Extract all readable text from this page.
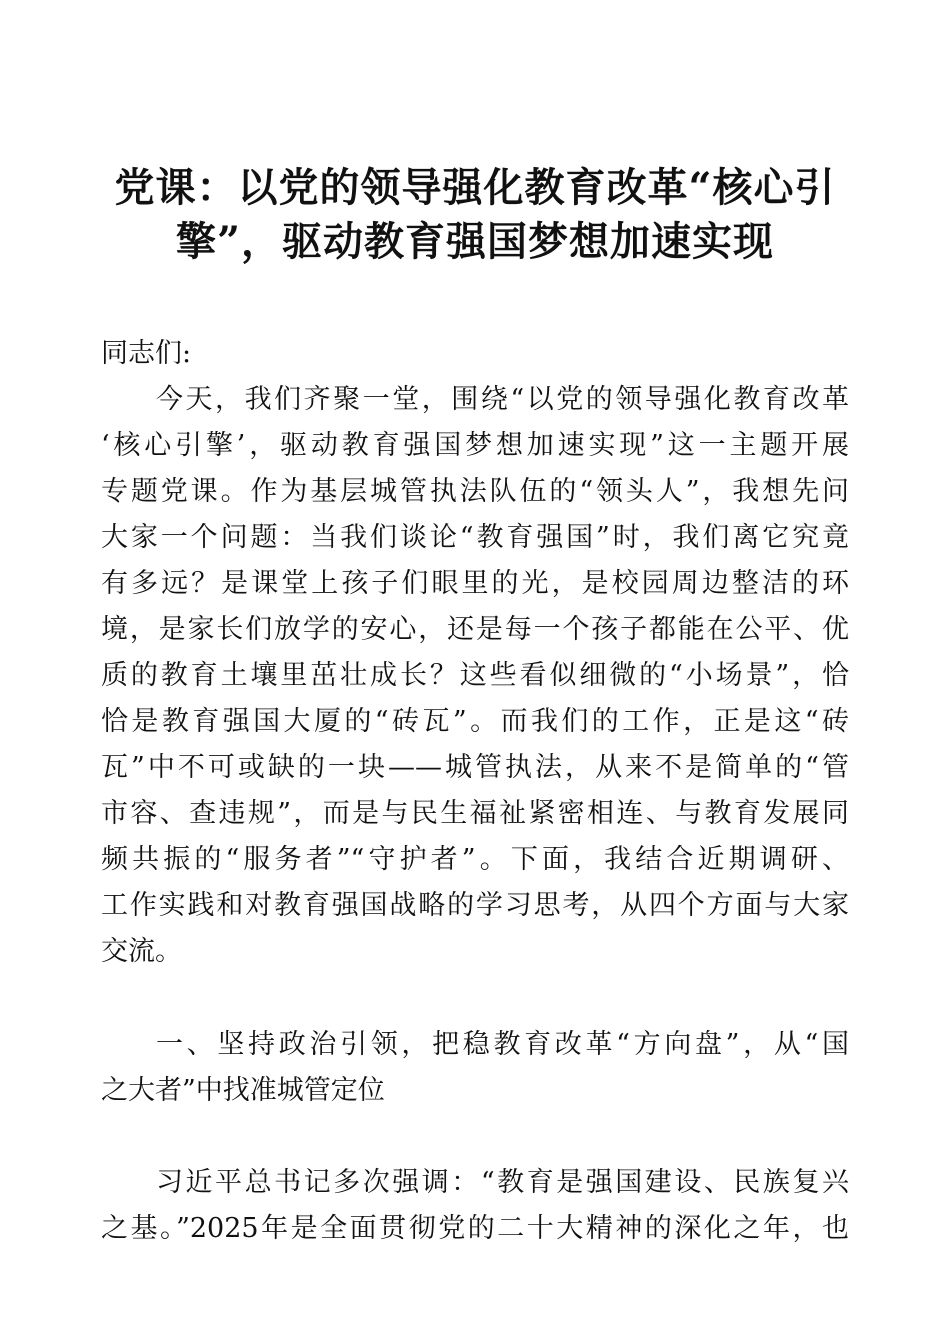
党课：以党的领导强化教育改革“核心引
擎”，驱动教育强国梦想加速实现

同志们:

今天，我们齐聚一堂，围绕“以党的领导强化教育改革

‘核心引擎’，驱动教育强国梦想加速实现”这一主题开展

专题党课。作为基层城管执法队伍的“领头人”，我想先问

大家一个问题：当我们谈论“教育强国”时，我们离它究竟

有多远？是课堂上孩子们眼里的光，是校园周边整洁的环

境，是家长们放学的安心，还是每一个孩子都能在公平、优

质的教育土壤里茁壮成长？这些看似细微的“小场景”，恰

恰是教育强国大厦的“砖瓦”。而我们的工作，正是这“砖

瓦”中不可或缺的一块——城管执法，从来不是简单的“管

市容、查违规”，而是与民生福祉紧密相连、与教育发展同

频共振的“服务者”“守护者”。下面，我结合近期调研、

工作实践和对教育强国战略的学习思考，从四个方面与大家

交流。

一、坚持政治引领，把稳教育改革“方向盘”，从“国

之大者”中找准城管定位

习近平总书记多次强调：“教育是强国建设、民族复兴

之基。”2025年是全面贯彻党的二十大精神的深化之年，也
